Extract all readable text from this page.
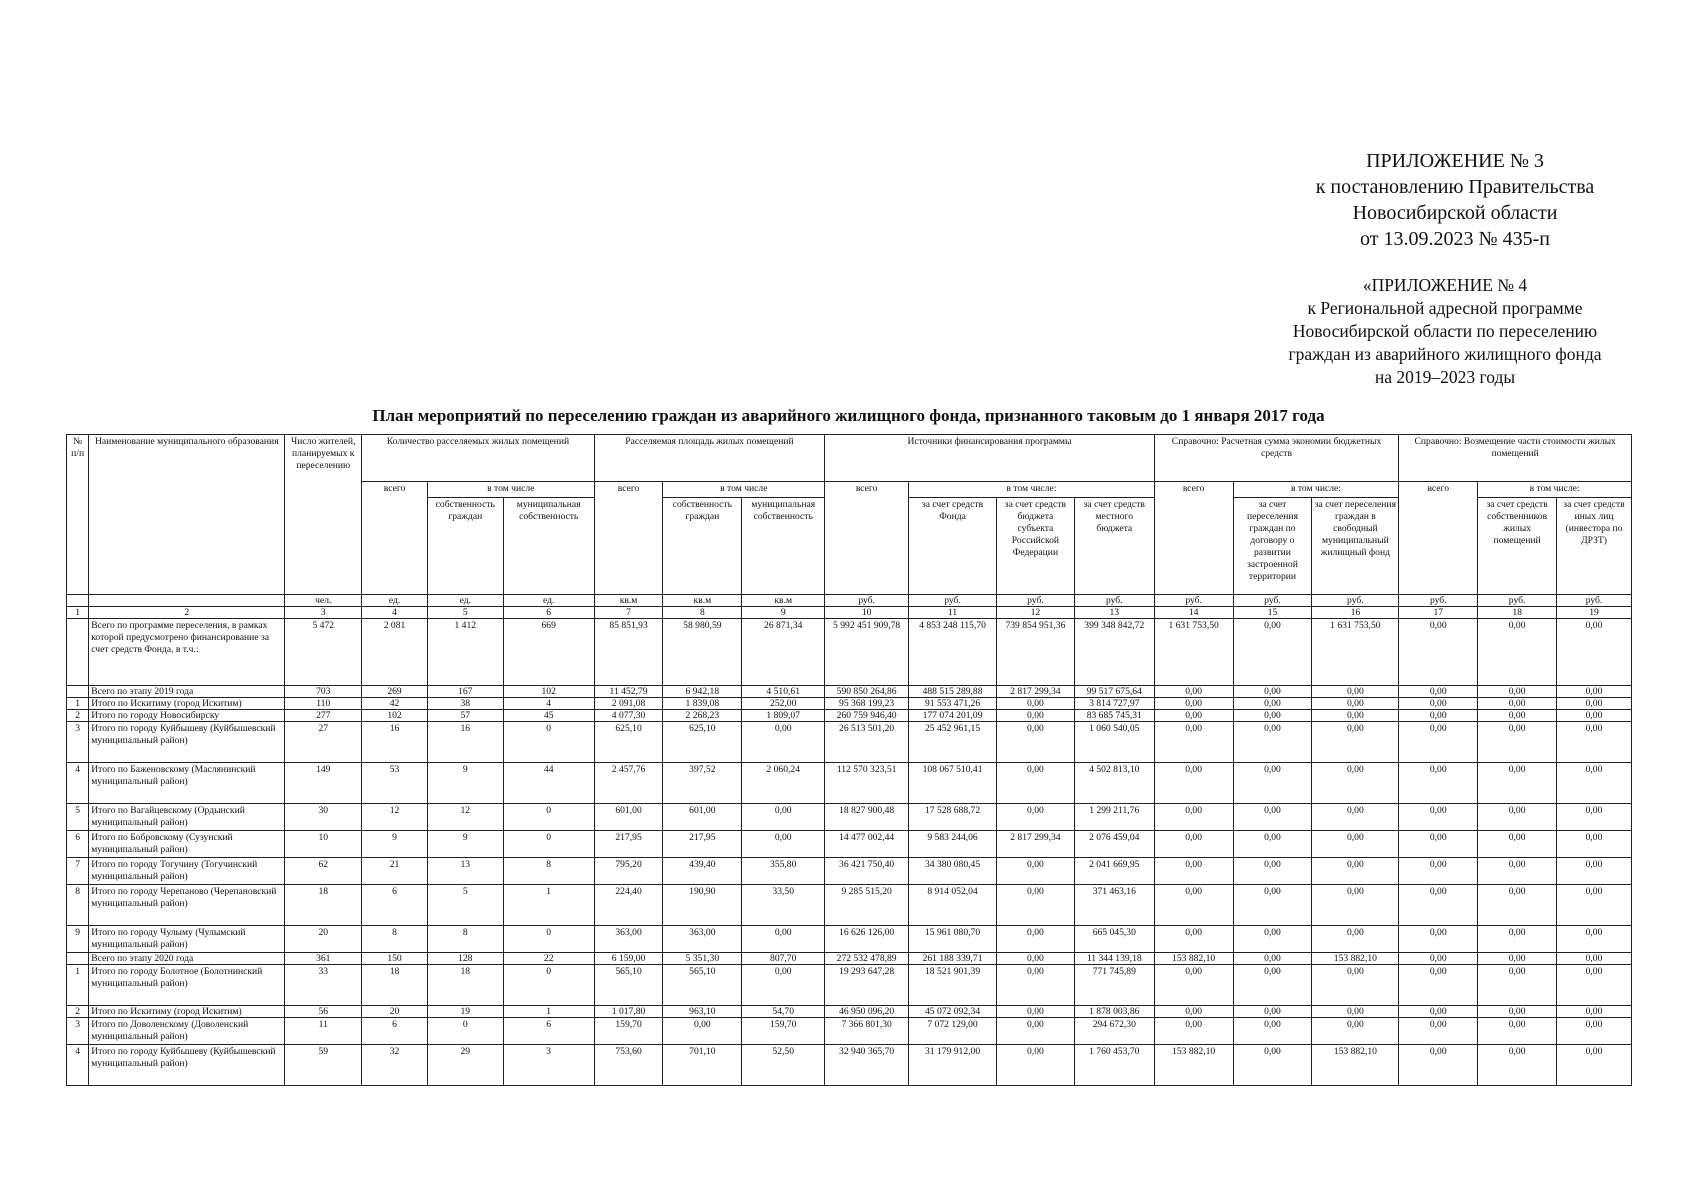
ПРИЛОЖЕНИЕ № 3
к постановлению Правительства
Новосибирской области
от 13.09.2023 № 435-п
«ПРИЛОЖЕНИЕ № 4
к Региональной адресной программе
Новосибирской области по переселению
граждан из аварийного жилищного фонда
на 2019–2023 годы
План мероприятий по переселению граждан из аварийного жилищного фонда, признанного таковым до 1 января 2017 года
№ п/п	Наименование муниципального образования	Число жителей, планируемых к переселению	Количество расселяемых жилых помещений			Расселяемая площадь жилых помещений			Источники финансирования программы				Справочно: Расчетная сумма экономии бюджетных средств			Справочно: Возмещение части стоимости жилых помещений		
			всего	в том числе		всего	в том числе		всего	в том числе:			всего	в том числе:		всего	в том числе:	
				собственность граждан	муниципальная собственность		собственность граждан	муниципальная собственность		за счет средств Фонда	за счет средств бюджета субъекта Российской Федерации	за счет средств местного бюджета		за счет переселения граждан по договору о развитии застроенной территории	за счет переселения граждан в свободный муниципальный жилищный фонд		за счет средств собственников жилых помещений	за счет средств иных лиц (инвестора по ДРЗТ)
		чел.	ед.	ед.	ед.	кв.м	кв.м	кв.м	руб.	руб.	руб.	руб.	руб.	руб.	руб.	руб.	руб.	руб.
1	2	3	4	5	6	7	8	9	10	11	12	13	14	15	16	17	18	19
	Всего по программе переселения, в рамках которой предусмотрено финансирование за счет средств Фонда, в т.ч.:	5 472	2 081	1 412	669	85 851,93	58 980,59	26 871,34	5 992 451 909,78	4 853 248 115,70	739 854 951,36	399 348 842,72	1 631 753,50	0,00	1 631 753,50	0,00	0,00	0,00
	Всего по этапу 2019 года	703	269	167	102	11 452,79	6 942,18	4 510,61	590 850 264,86	488 515 289,88	2 817 299,34	99 517 675,64	0,00	0,00	0,00	0,00	0,00	0,00
1	Итого по Искитиму (город Искитим)	110	42	38	4	2 091,08	1 839,08	252,00	95 368 199,23	91 553 471,26	0,00	3 814 727,97	0,00	0,00	0,00	0,00	0,00	0,00
2	Итого по городу Новосибирску	277	102	57	45	4 077,30	2 268,23	1 809,07	260 759 946,40	177 074 201,09	0,00	83 685 745,31	0,00	0,00	0,00	0,00	0,00	0,00
3	Итого по городу Куйбышеву (Куйбышевский муниципальный район)	27	16	16	0	625,10	625,10	0,00	26 513 501,20	25 452 961,15	0,00	1 060 540,05	0,00	0,00	0,00	0,00	0,00	0,00
4	Итого по Баженовскому (Маслянинский муниципальный район)	149	53	9	44	2 457,76	397,52	2 060,24	112 570 323,51	108 067 510,41	0,00	4 502 813,10	0,00	0,00	0,00	0,00	0,00	0,00
5	Итого по Вагайцевскому (Ордынский муниципальный район)	30	12	12	0	601,00	601,00	0,00	18 827 900,48	17 528 688,72	0,00	1 299 211,76	0,00	0,00	0,00	0,00	0,00	0,00
6	Итого по Бобровскому (Сузунский муниципальный район)	10	9	9	0	217,95	217,95	0,00	14 477 002,44	9 583 244,06	2 817 299,34	2 076 459,04	0,00	0,00	0,00	0,00	0,00	0,00
7	Итого по городу Тогучину (Тогучинский муниципальный район)	62	21	13	8	795,20	439,40	355,80	36 421 750,40	34 380 080,45	0,00	2 041 669,95	0,00	0,00	0,00	0,00	0,00	0,00
8	Итого по городу Черепаново (Черепановский муниципальный район)	18	6	5	1	224,40	190,90	33,50	9 285 515,20	8 914 052,04	0,00	371 463,16	0,00	0,00	0,00	0,00	0,00	0,00
9	Итого по городу Чулыму (Чулымский муниципальный район)	20	8	8	0	363,00	363,00	0,00	16 626 126,00	15 961 080,70	0,00	665 045,30	0,00	0,00	0,00	0,00	0,00	0,00
	Всего по этапу 2020 года	361	150	128	22	6 159,00	5 351,30	807,70	272 532 478,89	261 188 339,71	0,00	11 344 139,18	153 882,10	0,00	153 882,10	0,00	0,00	0,00
1	Итого по городу Болотное (Болотнинский муниципальный район)	33	18	18	0	565,10	565,10	0,00	19 293 647,28	18 521 901,39	0,00	771 745,89	0,00	0,00	0,00	0,00	0,00	0,00
2	Итого по Искитиму (город Искитим)	56	20	19	1	1 017,80	963,10	54,70	46 950 096,20	45 072 092,34	0,00	1 878 003,86	0,00	0,00	0,00	0,00	0,00	0,00
3	Итого по Доволенскому (Доволенский муниципальный район)	11	6	0	6	159,70	0,00	159,70	7 366 801,30	7 072 129,00	0,00	294 672,30	0,00	0,00	0,00	0,00	0,00	0,00
4	Итого по городу Куйбышеву (Куйбышевский муниципальный район)	59	32	29	3	753,60	701,10	52,50	32 940 365,70	31 179 912,00	0,00	1 760 453,70	153 882,10	0,00	153 882,10	0,00	0,00	0,00
